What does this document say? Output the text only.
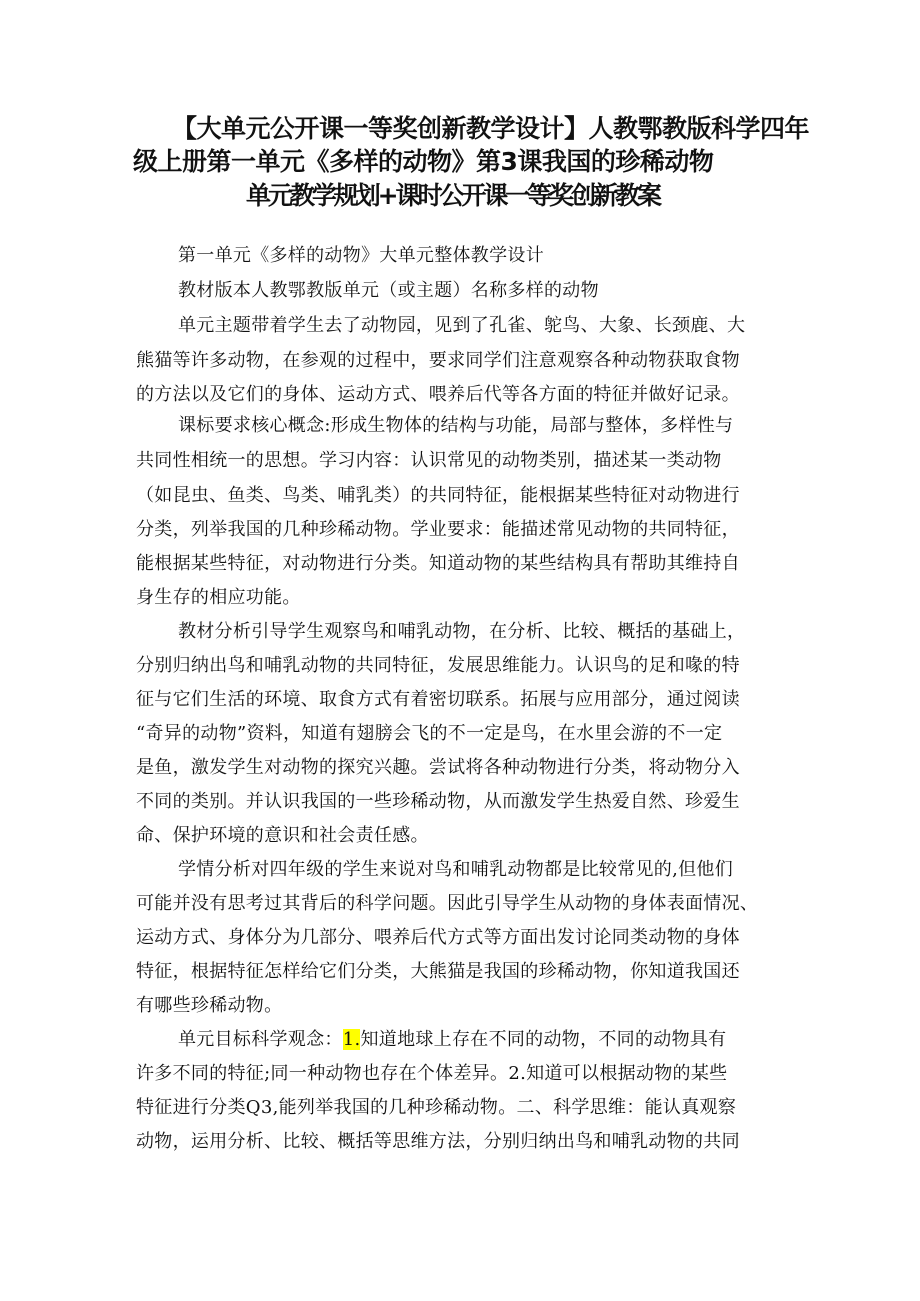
【大单元公开课一等奖创新教学设计】人教鄂教版科学四年
级上册第一单元《多样的动物》第3课我国的珍稀动物
单元教学规划+课时公开课一等奖创新教案
第一单元《多样的动物》大单元整体教学设计
教材版本人教鄂教版单元（或主题）名称多样的动物
单元主题带着学生去了动物园，见到了孔雀、鸵鸟、大象、长颈鹿、大
熊猫等许多动物，在参观的过程中，要求同学们注意观察各种动物获取食物
的方法以及它们的身体、运动方式、喂养后代等各方面的特征并做好记录。
课标要求核心概念:形成生物体的结构与功能，局部与整体，多样性与
共同性相统一的思想。学习内容：认识常见的动物类别，描述某一类动物
（如昆虫、鱼类、鸟类、哺乳类）的共同特征，能根据某些特征对动物进行
分类，列举我国的几种珍稀动物。学业要求：能描述常见动物的共同特征，
能根据某些特征，对动物进行分类。知道动物的某些结构具有帮助其维持自
身生存的相应功能。
教材分析引导学生观察鸟和哺乳动物，在分析、比较、概括的基础上，
分别归纳出鸟和哺乳动物的共同特征，发展思维能力。认识鸟的足和喙的特
征与它们生活的环境、取食方式有着密切联系。拓展与应用部分，通过阅读
“奇异的动物”资料，知道有翅膀会飞的不一定是鸟，在水里会游的不一定
是鱼，激发学生对动物的探究兴趣。尝试将各种动物进行分类，将动物分入
不同的类别。并认识我国的一些珍稀动物，从而激发学生热爱自然、珍爱生
命、保护环境的意识和社会责任感。
学情分析对四年级的学生来说对鸟和哺乳动物都是比较常见的,但他们
可能并没有思考过其背后的科学问题。因此引导学生从动物的身体表面情况、
运动方式、身体分为几部分、喂养后代方式等方面出发讨论同类动物的身体
特征，根据特征怎样给它们分类，大熊猫是我国的珍稀动物，你知道我国还
有哪些珍稀动物。
单元目标科学观念：1.知道地球上存在不同的动物，不同的动物具有
许多不同的特征;同一种动物也存在个体差异。2.知道可以根据动物的某些
特征进行分类Q3,能列举我国的几种珍稀动物。二、科学思维：能认真观察
动物，运用分析、比较、概括等思维方法，分别归纳出鸟和哺乳动物的共同
